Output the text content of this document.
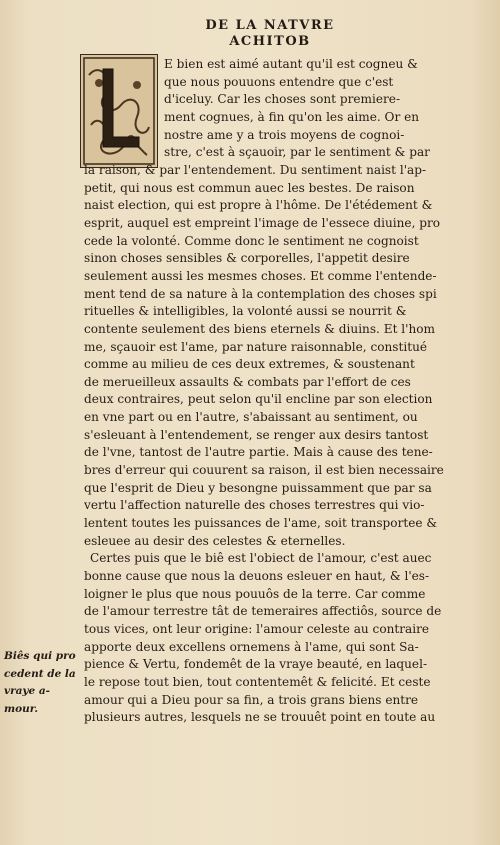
DE LA NATVRE
ACHITOB
E bien est aimé autant qu'il est cogneu &
que nous pouuons entendre que c'est
d'iceluy. Car les choses sont premiere-
ment cognues, à fin qu'on les aime. Or en
nostre ame y a trois moyens de cognoi-
stre, c'est à sçauoir, par le sentiment & par
la raison, & par l'entendement. Du sentiment naist l'ap-
petit, qui nous est commun auec les bestes. De raison
naist election, qui est propre à l'hôme. De l'étédement &
esprit, auquel est empreint l'image de l'essece diuine, pro
cede la volonté. Comme donc le sentiment ne cognoist
sinon choses sensibles & corporelles, l'appetit desire
seulement aussi les mesmes choses. Et comme l'entende-
ment tend de sa nature à la contemplation des choses spi
rituelles & intelligibles, la volonté aussi se nourrit &
contente seulement des biens eternels & diuins. Et l'hom
me, sçauoir est l'ame, par nature raisonnable, constitué
comme au milieu de ces deux extremes, & soustenant
de merueilleux assaults & combats par l'effort de ces
deux contraires, peut selon qu'il encline par son election
en vne part ou en l'autre, s'abaissant au sentiment, ou
s'esleuant à l'entendement, se renger aux desirs tantost
de l'vne, tantost de l'autre partie. Mais à cause des tene-
bres d'erreur qui couurent sa raison, il est bien necessaire
que l'esprit de Dieu y besongne puissamment que par sa
vertu l'affection naturelle des choses terrestres qui vio-
lentent toutes les puissances de l'ame, soit transportee &
esleuee au desir des celestes & eternelles.
Certes puis que le biê est l'obiect de l'amour, c'est auec
bonne cause que nous la deuons esleuer en haut, & l'es-
loigner le plus que nous pouuôs de la terre. Car comme
de l'amour terrestre tât de temeraires affectiôs, source de
tous vices, ont leur origine: l'amour celeste au contraire
apporte deux excellens ornemens à l'ame, qui sont Sa-
pience & Vertu, fondemêt de la vraye beauté, en laquel-
le repose tout bien, tout contentemêt & felicité. Et ceste
amour qui a Dieu pour sa fin, a trois grans biens entre
plusieurs autres, lesquels ne se trouuêt point en toute au
Biês qui pro
cedent de la
vraye a-
mour.
